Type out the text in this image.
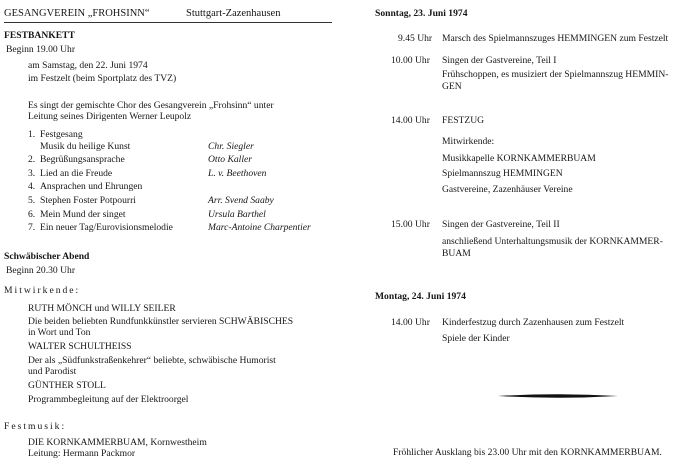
GESANGVEREIN „FROHSINN“	Stuttgart-Zazenhausen
FESTBANKETT
Beginn 19.00 Uhr
am Samstag, den 22. Juni 1974
im Festzelt (beim Sportplatz des TVZ)
Es singt der gemischte Chor des Gesangverein „Frohsinn“ unter
Leitung seines Dirigenten Werner Leupolz
1. Festgesang
Musik du heilige Kunst	Chr. Siegler
2. Begrüßungsansprache	Otto Kaller
3. Lied an die Freude	L. v. Beethoven
4. Ansprachen und Ehrungen
5. Stephen Foster Potpourri	Arr. Svend Saaby
6. Mein Mund der singet	Ursula Barthel
7. Ein neuer Tag/Eurovisionsmelodie	Marc-Antoine Charpentier
Schwäbischer Abend
Beginn 20.30 Uhr
Mitwirkende:
RUTH MÖNCH und WILLY SEILER
Die beiden beliebten Rundfunkkünstler servieren SCHWÄBISCHES
in Wort und Ton
WALTER SCHULTHEISS
Der als „Südfunkstraßenkehrer“ beliebte, schwäbische Humorist
und Parodist
GÜNTHER STOLL
Programmbegleitung auf der Elektroorgel
Festmusik:
DIE KORNKAMMERBUAM, Kornwestheim
Leitung: Hermann Packmor
Sonntag, 23. Juni 1974
9.45 Uhr Marsch des Spielmannszuges HEMMINGEN zum Festzelt
10.00 Uhr Singen der Gastvereine, Teil I
Frühschoppen, es musiziert der Spielmannszug HEMMIN-
GEN
14.00 Uhr FESTZUG
Mitwirkende:
Musikkapelle KORNKAMMERBUAM
Spielmannszug HEMMINGEN
Gastvereine, Zazenhäuser Vereine
15.00 Uhr Singen der Gastvereine, Teil II
anschließend Unterhaltungsmusik der KORNKAMMER-
BUAM
Montag, 24. Juni 1974
14.00 Uhr Kinderfestzug durch Zazenhausen zum Festzelt
Spiele der Kinder
Fröhlicher Ausklang bis 23.00 Uhr mit den KORNKAMMERBUAM.
